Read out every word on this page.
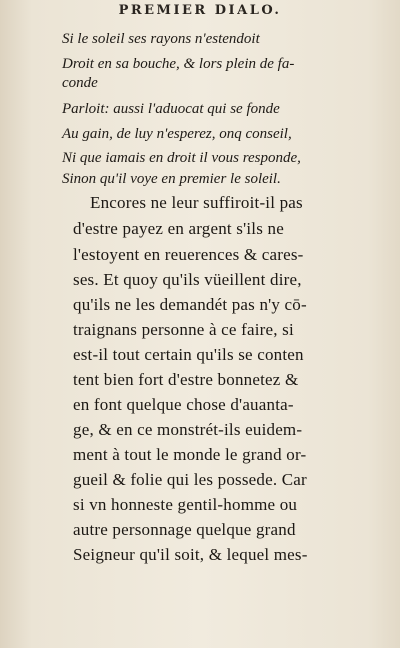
PREMIER DIALO.
Si le soleil ses rayons n'estendoit
Droit en sa bouche, & lors plein de fa-
conde
Parloit: aussi l'aduocat qui se fonde
Au gain, de luy n'esperez, onq conseil,
Ni que iamais en droit il vous responde,
Sinon qu'il voye en premier le soleil.
Encores ne leur suffiroit-il pas
d'estre payez en argent s'ils ne
l'estoyent en reuerences & cares-
ses. Et quoy qu'ils vüeillent dire,
qu'ils ne les demandét pas n'y cō-
traignans personne à ce faire, si
est-il tout certain qu'ils se conten
tent bien fort d'estre bonnetez &
en font quelque chose d'auanta-
ge, & en ce monstrét-ils euidem-
ment à tout le monde le grand or-
gueil & folie qui les possede. Car
si vn honneste gentil-homme ou
autre personnage quelque grand
Seigneur qu'il soit, & lequel mes-
